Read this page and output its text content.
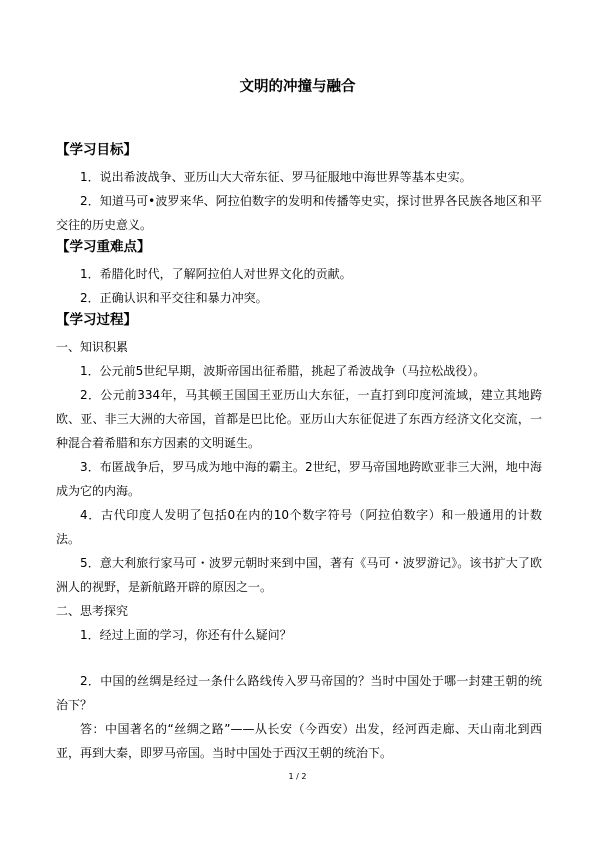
文明的冲撞与融合

【学习目标】

1．说出希波战争、亚历山大大帝东征、罗马征服地中海世界等基本史实。

2．知道马可•波罗来华、阿拉伯数字的发明和传播等史实，探讨世界各民族各地区和平交往的历史意义。

【学习重难点】

1．希腊化时代，了解阿拉伯人对世界文化的贡献。

2．正确认识和平交往和暴力冲突。

【学习过程】

一、知识积累

1．公元前5世纪早期，波斯帝国出征希腊，挑起了希波战争（马拉松战役）。

2．公元前334年，马其顿王国国王亚历山大东征，一直打到印度河流域，建立其地跨欧、亚、非三大洲的大帝国，首都是巴比伦。亚历山大东征促进了东西方经济文化交流，一种混合着希腊和东方因素的文明诞生。

3．布匿战争后，罗马成为地中海的霸主。2世纪，罗马帝国地跨欧亚非三大洲，地中海成为它的内海。

4．古代印度人发明了包括0在内的10个数字符号（阿拉伯数字）和一般通用的计数法。

5．意大利旅行家马可・波罗元朝时来到中国，著有《马可・波罗游记》。该书扩大了欧洲人的视野，是新航路开辟的原因之一。

二、思考探究

1．经过上面的学习，你还有什么疑问？

2．中国的丝绸是经过一条什么路线传入罗马帝国的？当时中国处于哪一封建王朝的统治下？

答：中国著名的“丝绸之路”——从长安（今西安）出发，经河西走廊、天山南北到西亚，再到大秦，即罗马帝国。当时中国处于西汉王朝的统治下。

1 / 2
